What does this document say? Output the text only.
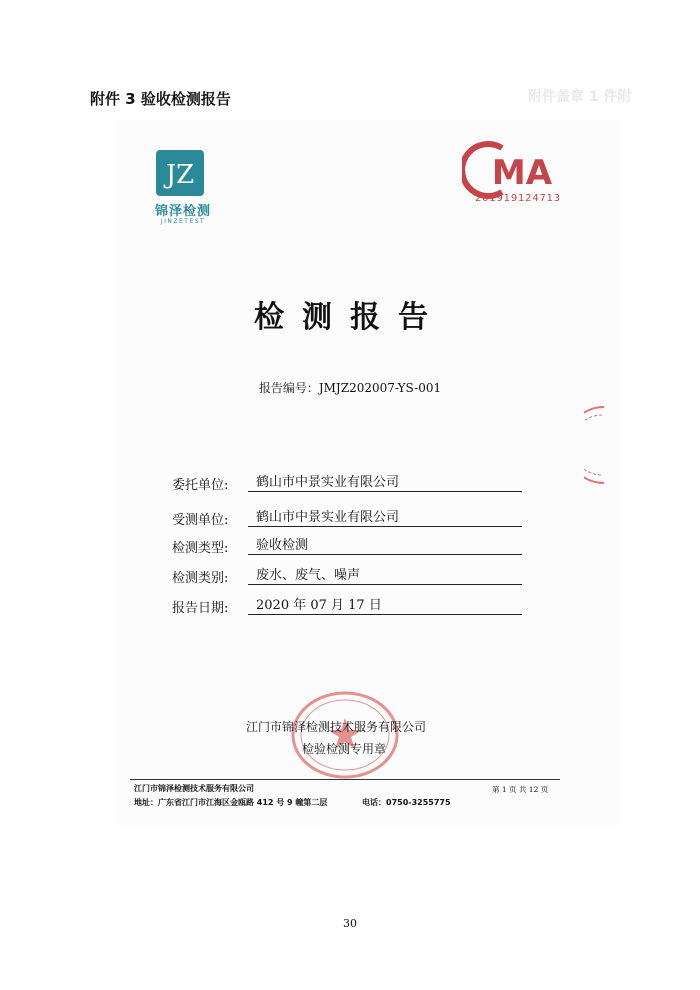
附件 3 验收检测报告	附件盖章 1 件附
JZ
锦泽检测
JINZETEST
MA
201919124713
检测报告
报告编号：JMJZ202007-YS-001
委托单位:	鹤山市中景实业有限公司
受测单位:	鹤山市中景实业有限公司
检测类型:	验收检测
检测类别:	废水、废气、噪声
报告日期:	2020 年 07 月 17 日
江门市锦泽检测技术服务有限公司
检验检测专用章
江门市锦泽检测技术服务有限公司	第 1 页 共 12 页
地址：广东省江门市江海区金瓯路 412 号 9 幢第二层	电话：0750-3255775
30
